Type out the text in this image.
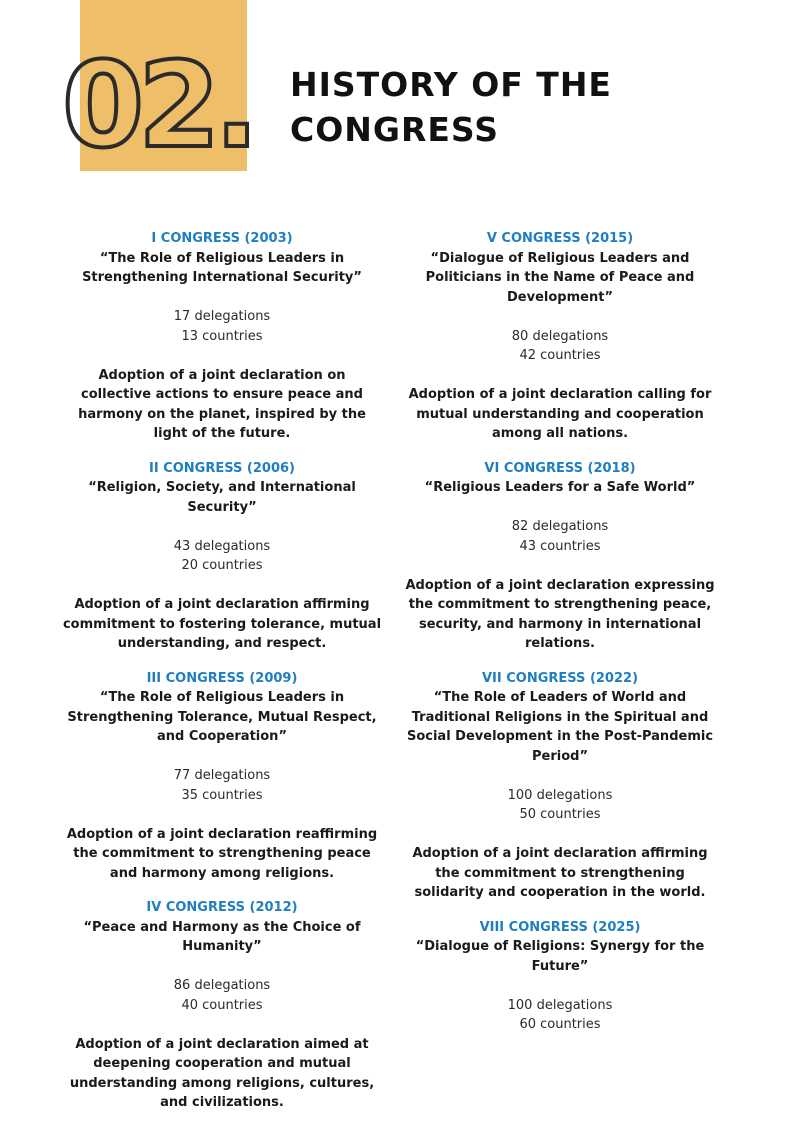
02. HISTORY OF THE CONGRESS
I CONGRESS (2003)
“The Role of Religious Leaders in Strengthening International Security”
17 delegations
13 countries
Adoption of a joint declaration on collective actions to ensure peace and harmony on the planet, inspired by the light of the future.
II CONGRESS (2006)
“Religion, Society, and International Security”
43 delegations
20 countries
Adoption of a joint declaration affirming commitment to fostering tolerance, mutual understanding, and respect.
III CONGRESS (2009)
“The Role of Religious Leaders in Strengthening Tolerance, Mutual Respect, and Cooperation”
77 delegations
35 countries
Adoption of a joint declaration reaffirming the commitment to strengthening peace and harmony among religions.
IV CONGRESS (2012)
“Peace and Harmony as the Choice of Humanity”
86 delegations
40 countries
Adoption of a joint declaration aimed at deepening cooperation and mutual understanding among religions, cultures, and civilizations.
V CONGRESS (2015)
“Dialogue of Religious Leaders and Politicians in the Name of Peace and Development”
80 delegations
42 countries
Adoption of a joint declaration calling for mutual understanding and cooperation among all nations.
VI CONGRESS (2018)
“Religious Leaders for a Safe World”
82 delegations
43 countries
Adoption of a joint declaration expressing the commitment to strengthening peace, security, and harmony in international relations.
VII CONGRESS (2022)
“The Role of Leaders of World and Traditional Religions in the Spiritual and Social Development in the Post-Pandemic Period”
100 delegations
50 countries
Adoption of a joint declaration affirming the commitment to strengthening solidarity and cooperation in the world.
VIII CONGRESS (2025)
“Dialogue of Religions: Synergy for the Future”
100 delegations
60 countries
